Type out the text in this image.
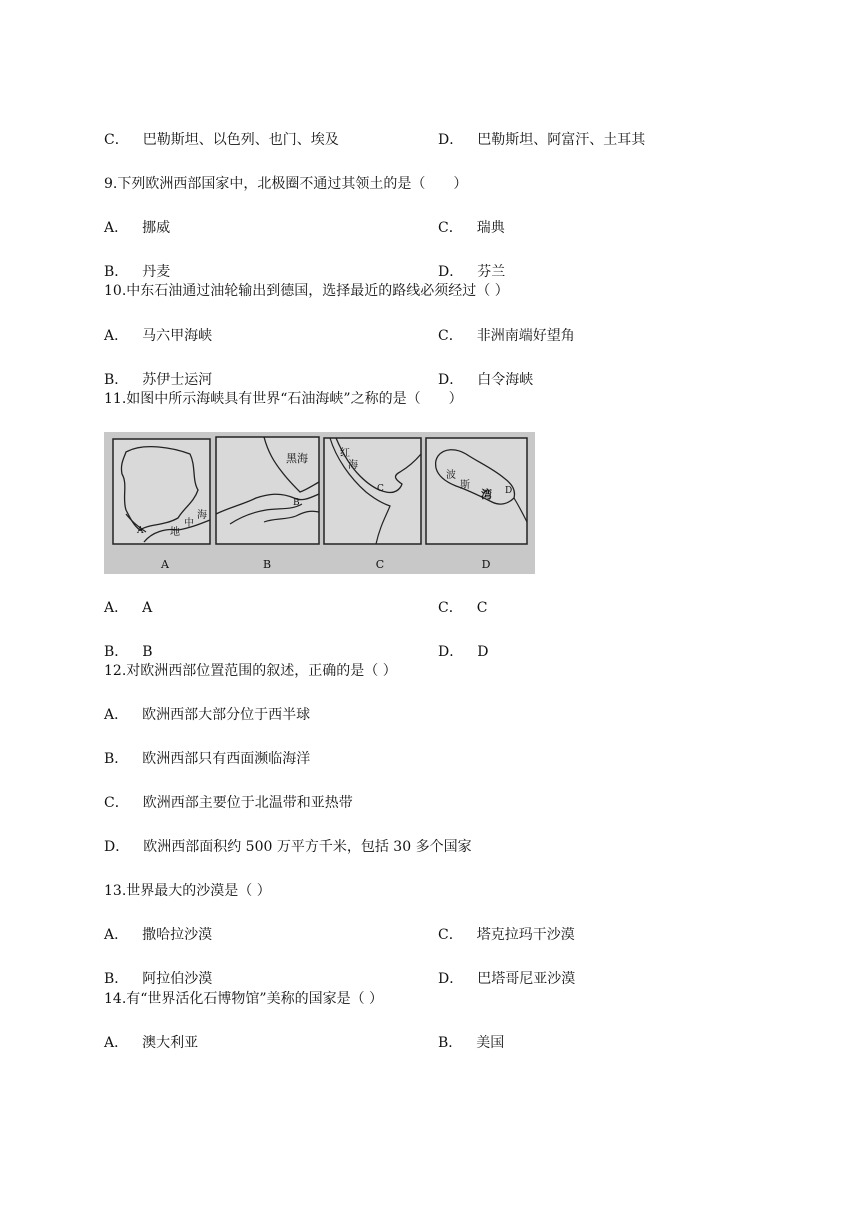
C． 巴勒斯坦、以色列、也门、埃及	D． 巴勒斯坦、阿富汗、土耳其
9.下列欧洲西部国家中，北极圈不通过其领土的是（　　）
A． 挪威	C． 瑞典
B． 丹麦	D． 芬兰
10.中东石油通过油轮输出到德国，选择最近的路线必须经过（ ）
A． 马六甲海峡	C． 非洲南端好望角
B． 苏伊士运河	D． 白令海峡
11.如图中所示海峡具有世界“石油海峡”之称的是（　　）
A	地
中
海
黑海
B
红
海
C
波
斯
湾 D
A	B	C	D
A． A	C． C
B． B	D． D
12.对欧洲西部位置范围的叙述，正确的是（ ）
A． 欧洲西部大部分位于西半球
B． 欧洲西部只有西面濒临海洋
C． 欧洲西部主要位于北温带和亚热带
D． 欧洲西部面积约 500 万平方千米，包括 30 多个国家
13.世界最大的沙漠是（ ）
A． 撒哈拉沙漠	C． 塔克拉玛干沙漠
B． 阿拉伯沙漠	D． 巴塔哥尼亚沙漠
14.有“世界活化石博物馆”美称的国家是（ ）
A． 澳大利亚	B． 美国
